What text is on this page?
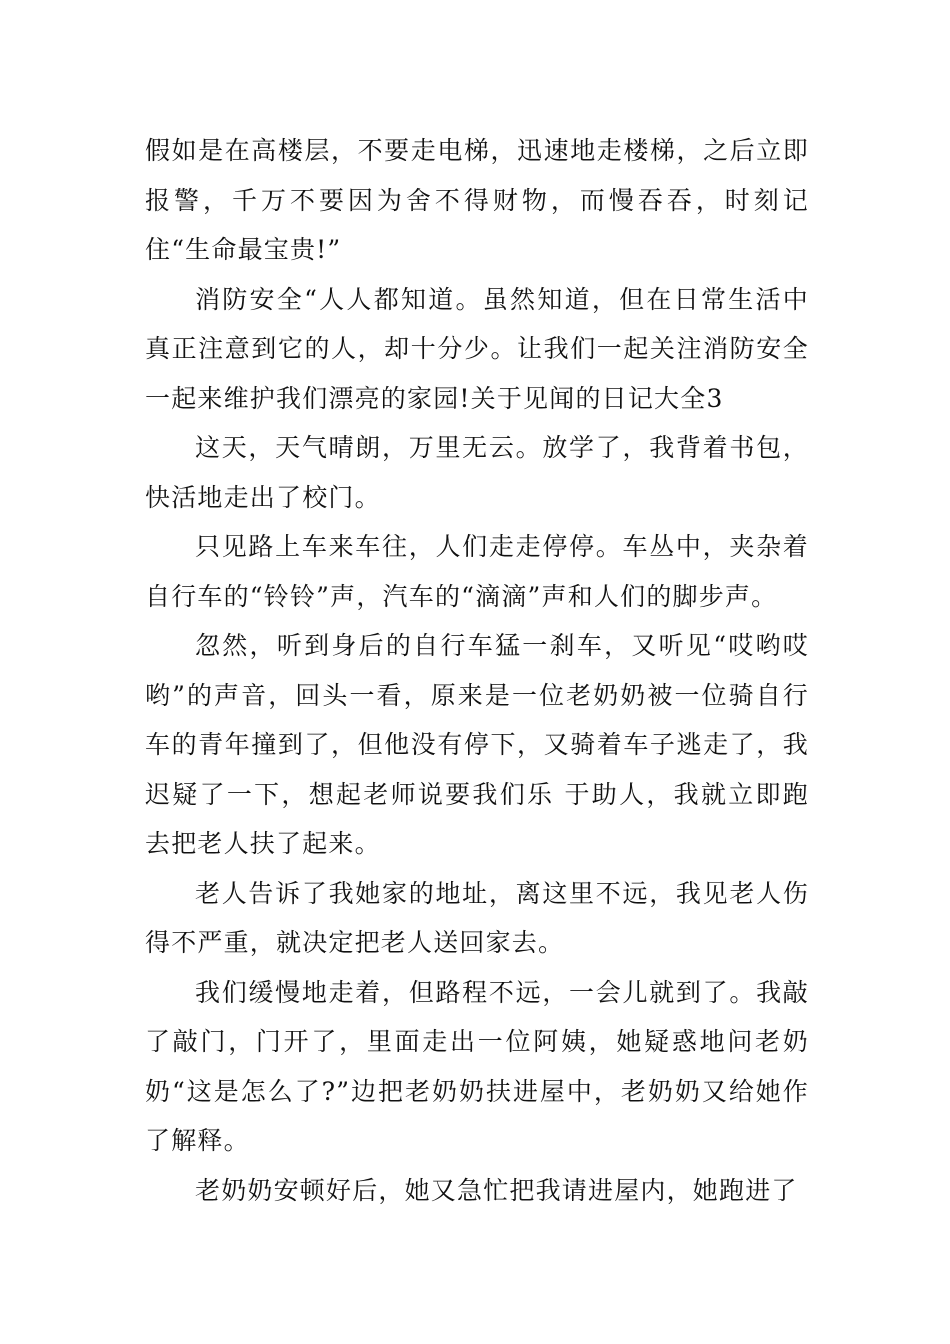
假如是在高楼层，不要走电梯，迅速地走楼梯，之后立即报警，千万不要因为舍不得财物，而慢吞吞，时刻记住“生命最宝贵!”

消防安全“人人都知道。虽然知道，但在日常生活中真正注意到它的人，却十分少。让我们一起关注消防安全一起来维护我们漂亮的家园!关于见闻的日记大全3

这天，天气晴朗，万里无云。放学了，我背着书包，快活地走出了校门。

只见路上车来车往，人们走走停停。车丛中，夹杂着自行车的“铃铃”声，汽车的“滴滴”声和人们的脚步声。

忽然，听到身后的自行车猛一刹车，又听见“哎哟哎哟”的声音，回头一看，原来是一位老奶奶被一位骑自行车的青年撞到了，但他没有停下，又骑着车子逃走了，我迟疑了一下，想起老师说要我们乐 于助人，我就立即跑去把老人扶了起来。

老人告诉了我她家的地址，离这里不远，我见老人伤得不严重，就决定把老人送回家去。

我们缓慢地走着，但路程不远，一会儿就到了。我敲了敲门，门开了，里面走出一位阿姨，她疑惑地问老奶奶“这是怎么了?”边把老奶奶扶进屋中，老奶奶又给她作了解释。

老奶奶安顿好后，她又急忙把我请进屋内，她跑进了
